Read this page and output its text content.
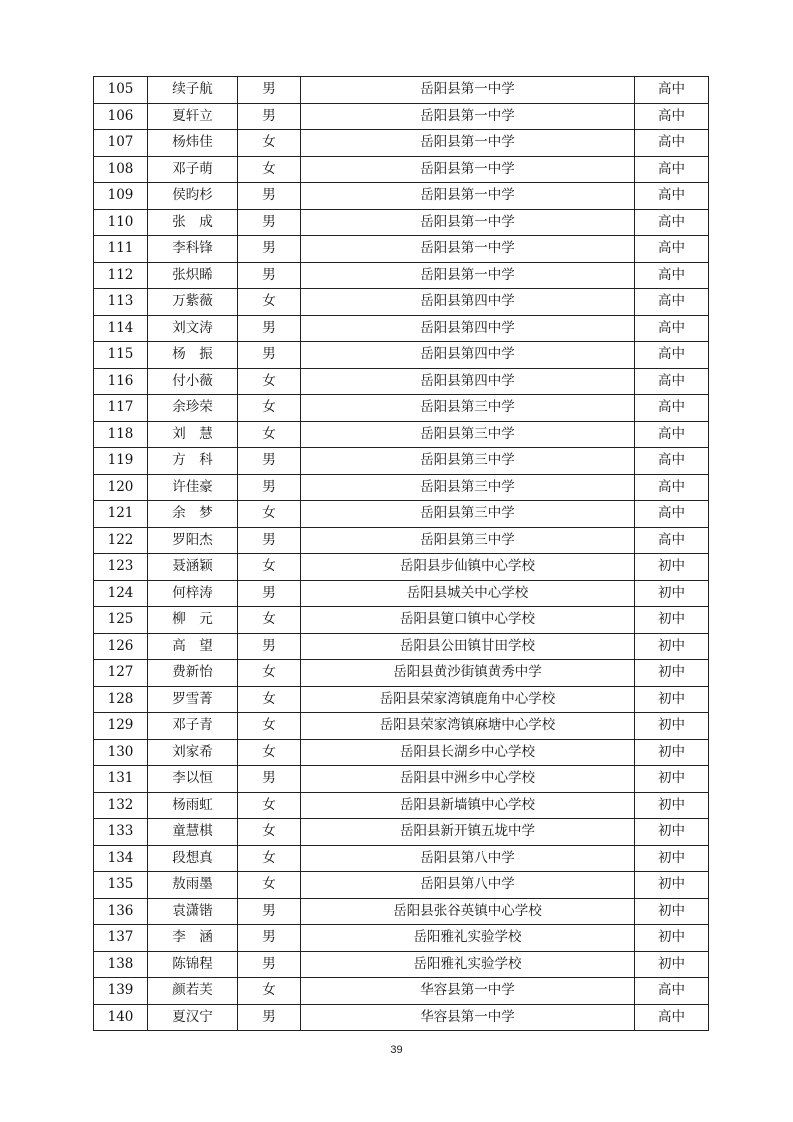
105	续子航	男	岳阳县第一中学	高中
106	夏轩立	男	岳阳县第一中学	高中
107	杨炜佳	女	岳阳县第一中学	高中
108	邓子萌	女	岳阳县第一中学	高中
109	侯昀杉	男	岳阳县第一中学	高中
110	张　成	男	岳阳县第一中学	高中
111	李科锋	男	岳阳县第一中学	高中
112	张炽睎	男	岳阳县第一中学	高中
113	万紫薇	女	岳阳县第四中学	高中
114	刘文涛	男	岳阳县第四中学	高中
115	杨　振	男	岳阳县第四中学	高中
116	付小薇	女	岳阳县第四中学	高中
117	余珍荣	女	岳阳县第三中学	高中
118	刘　慧	女	岳阳县第三中学	高中
119	方　科	男	岳阳县第三中学	高中
120	许佳豪	男	岳阳县第三中学	高中
121	余　梦	女	岳阳县第三中学	高中
122	罗阳杰	男	岳阳县第三中学	高中
123	聂涵颖	女	岳阳县步仙镇中心学校	初中
124	何梓涛	男	岳阳县城关中心学校	初中
125	柳　元	女	岳阳县筻口镇中心学校	初中
126	高　望	男	岳阳县公田镇甘田学校	初中
127	费新怡	女	岳阳县黄沙街镇黄秀中学	初中
128	罗雪菁	女	岳阳县荣家湾镇鹿角中心学校	初中
129	邓子青	女	岳阳县荣家湾镇麻塘中心学校	初中
130	刘家希	女	岳阳县长湖乡中心学校	初中
131	李以恒	男	岳阳县中洲乡中心学校	初中
132	杨雨虹	女	岳阳县新墙镇中心学校	初中
133	童慧棋	女	岳阳县新开镇五垅中学	初中
134	段想真	女	岳阳县第八中学	初中
135	敖雨墨	女	岳阳县第八中学	初中
136	袁潇锴	男	岳阳县张谷英镇中心学校	初中
137	李　涵	男	岳阳雅礼实验学校	初中
138	陈锦程	男	岳阳雅礼实验学校	初中
139	颜若芙	女	华容县第一中学	高中
140	夏汉宁	男	华容县第一中学	高中
39
